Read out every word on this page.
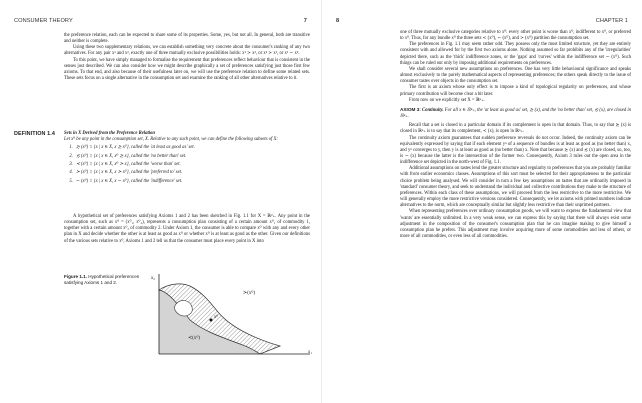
CONSUMER THEORY	7

the preference relation, each can be expected to share some of its properties. Some, yes, but not all. In general, both are transitive and neither is complete.

Using these two supplementary relations, we can establish something very concrete about the consumer's ranking of any two alternatives. For any pair x¹ and x², exactly one of three mutually exclusive possibilities holds: x¹ ≻ x², or x² ≻ x¹, or x¹ ∼ x².

To this point, we have simply managed to formalise the requirement that preferences reflect behaviour that is consistent in the senses just described. We can also consider how we might describe graphically a set of preferences satisfying just those first few axioms. To that end, and also because of their usefulness later on, we will use the preference relation to define some related sets. These sets focus on a single alternative in the consumption set and examine the ranking of all other alternatives relative to it.

DEFINITION 1.4 Sets in X Derived from the Preference Relation

Let x⁰ be any point in the consumption set, X. Relative to any such point, we can define the following subsets of X:

1. ≿ (x⁰) ≡ {x | x ∈ X, x ≿ x⁰}, called the 'at least as good as' set.
2. ≾ (x⁰) ≡ {x | x ∈ X, x⁰ ≿ x}, called the 'no better than' set.
3. ≺ (x⁰) ≡ {x | x ∈ X, x⁰ ≻ x}, called the 'worse than' set.
4. ≻ (x⁰) ≡ {x | x ∈ X, x ≻ x⁰}, called the 'preferred to' set.
5. ∼ (x⁰) ≡ {x | x ∈ X, x ∼ x⁰}, called the 'indifference' set.

A hypothetical set of preferences satisfying Axioms 1 and 2 has been sketched in Fig. 1.1 for X = ℝ²₊. Any point in the consumption set, such as x⁰ = (x⁰₁, x⁰₂), represents a consumption plan consisting of a certain amount x⁰₁ of commodity 1, together with a certain amount x⁰₂ of commodity 2. Under Axiom 1, the consumer is able to compare x⁰ with any and every other plan in X and decide whether the other is at least as good as x⁰ or whether x⁰ is at least as good as the other. Given our definitions of the various sets relative to x⁰, Axioms 1 and 2 tell us that the consumer must place every point in X into

Figure 1.1. Hypothetical preferences satisfying Axioms 1 and 2.
x⁰
≻(x⁰)
≺(x⁰)
x₂
x₁
8	CHAPTER 1

one of three mutually exclusive categories relative to x⁰: every other point is worse than x⁰, indifferent to x⁰, or preferred to x⁰. Thus, for any bundle x⁰ the three sets ≺ (x⁰), ∼ (x⁰), and ≻ (x⁰) partition the consumption set.

The preferences in Fig. 1.1 may seem rather odd. They possess only the most limited structure, yet they are entirely consistent with and allowed for by the first two axioms alone. Nothing assumed so far prohibits any of the 'irregularities' depicted there, such as the 'thick' indifference zones, or the 'gaps' and 'curves' within the indifference set ∼ (x⁰). Such things can be ruled out only by imposing additional requirements on preferences.

We shall consider several new assumptions on preferences. One has very little behavioural significance and speaks almost exclusively to the purely mathematical aspects of representing preferences; the others speak directly to the issue of consumer tastes over objects in the consumption set.

The first is an axiom whose only effect is to impose a kind of topological regularity on preferences, and whose primary contribution will become clear a bit later.

From now on we explicitly set X = ℝⁿ₊.

AXIOM 3: Continuity. For all x ∈ ℝⁿ₊, the 'at least as good as' set, ≿ (x), and the 'no better than' set, ≾ (x), are closed in ℝⁿ₊.

Recall that a set is closed in a particular domain if its complement is open in that domain. Thus, to say that ≿ (x) is closed in ℝⁿ₊ is to say that its complement, ≺ (x), is open in ℝⁿ₊.

The continuity axiom guarantees that sudden preference reversals do not occur. Indeed, the continuity axiom can be equivalently expressed by saying that if each element yⁿ of a sequence of bundles is at least as good as (no better than) x, and yⁿ converges to y, then y is at least as good as (no better than) x. Note that because ≿ (x) and ≾ (x) are closed, so, too, is ∼ (x) because the latter is the intersection of the former two. Consequently, Axiom 3 rules out the open area in the indifference set depicted in the north-west of Fig. 1.1.

Additional assumptions on tastes lend the greater structure and regularity to preferences that you are probably familiar with from earlier economics classes. Assumptions of this sort must be selected for their appropriateness to the particular choice problem being analysed. We will consider in turn a few key assumptions on tastes that are ordinarily imposed in 'standard' consumer theory, and seek to understand the individual and collective contributions they make to the structure of preferences. Within each class of these assumptions, we will proceed from the less restrictive to the more restrictive. We will generally employ the more restrictive versions considered. Consequently, we let axioms with primed numbers indicate alternatives to the norm, which are conceptually similar but slightly less restrictive than their unprimed partners.

When representing preferences over ordinary consumption goods, we will want to express the fundamental view that 'wants' are essentially unlimited. In a very weak sense, we can express this by saying that there will always exist some adjustment in the composition of the consumer's consumption plan that he can imagine making to give himself a consumption plan he prefers. This adjustment may involve acquiring more of some commodities and less of others, or more of all commodities, or even less of all commodities.
